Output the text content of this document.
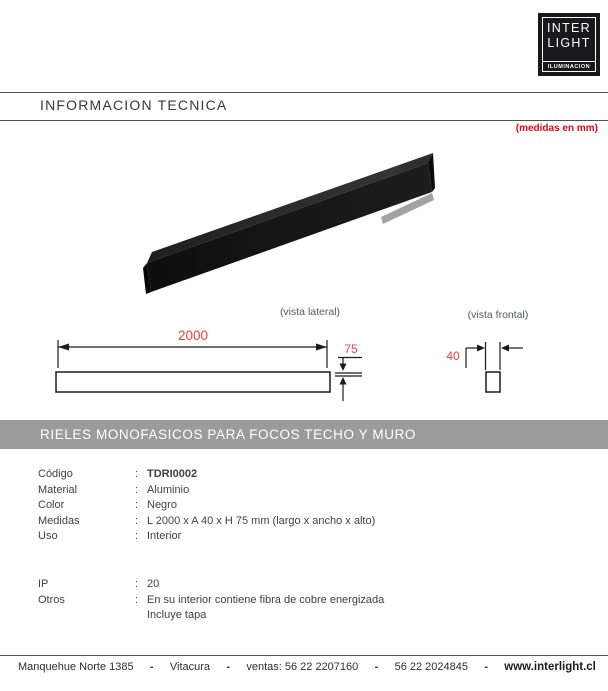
INTER
LIGHT
ILUMINACION
INFORMACION TECNICA
(medidas en mm)
(vista lateral)	(vista frontal)
2000
75	40
RIELES MONOFASICOS PARA FOCOS TECHO Y MURO
Código	: TDRI0002
Material	: Aluminio
Color	: Negro
Medidas	: L 2000 x A 40 x H 75 mm (largo x ancho x alto)
Uso	: Interior
IP	: 20
Otros	: En su interior contiene fibra de cobre energizada
Incluye tapa
Manquehue Norte 1385 - Vitacura - ventas: 56 22 2207160 - 56 22 2024845 - www.interlight.cl
